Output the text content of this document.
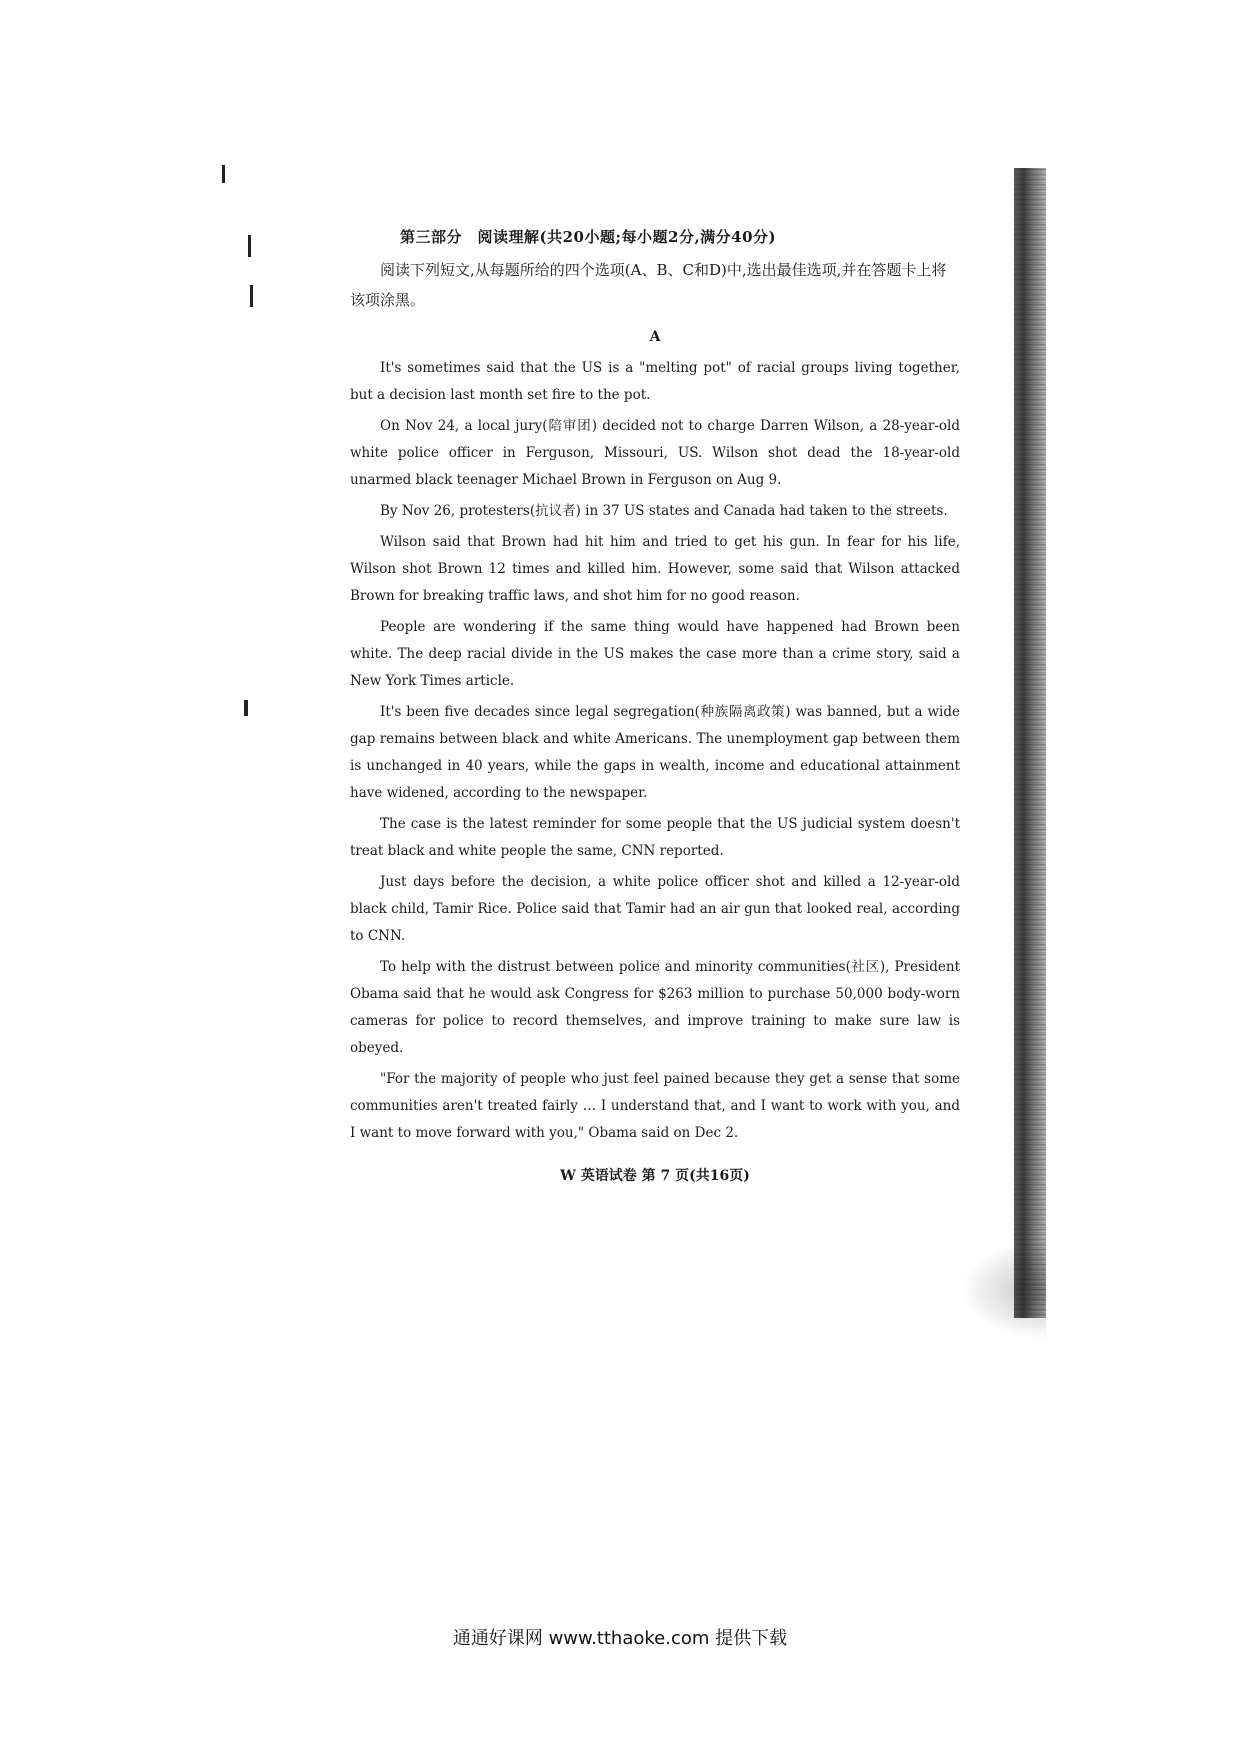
第三部分　阅读理解(共20小题;每小题2分,满分40分)

阅读下列短文,从每题所给的四个选项(A、B、C和D)中,选出最佳选项,并在答题卡上将该项涂黑。

A

It's sometimes said that the US is a "melting pot" of racial groups living together, but a decision last month set fire to the pot.

On Nov 24, a local jury(陪审团) decided not to charge Darren Wilson, a 28-year-old white police officer in Ferguson, Missouri, US. Wilson shot dead the 18-year-old unarmed black teenager Michael Brown in Ferguson on Aug 9.

By Nov 26, protesters(抗议者) in 37 US states and Canada had taken to the streets.

Wilson said that Brown had hit him and tried to get his gun. In fear for his life, Wilson shot Brown 12 times and killed him. However, some said that Wilson attacked Brown for breaking traffic laws, and shot him for no good reason.

People are wondering if the same thing would have happened had Brown been white. The deep racial divide in the US makes the case more than a crime story, said a New York Times article.

It's been five decades since legal segregation(种族隔离政策) was banned, but a wide gap remains between black and white Americans. The unemployment gap between them is unchanged in 40 years, while the gaps in wealth, income and educational attainment have widened, according to the newspaper.

The case is the latest reminder for some people that the US judicial system doesn't treat black and white people the same, CNN reported.

Just days before the decision, a white police officer shot and killed a 12-year-old black child, Tamir Rice. Police said that Tamir had an air gun that looked real, according to CNN.

To help with the distrust between police and minority communities(社区), President Obama said that he would ask Congress for $263 million to purchase 50,000 body-worn cameras for police to record themselves, and improve training to make sure law is obeyed.

"For the majority of people who just feel pained because they get a sense that some communities aren't treated fairly … I understand that, and I want to work with you, and I want to move forward with you," Obama said on Dec 2.

W 英语试卷 第 7 页(共16页)
通通好课网 www.tthaoke.com 提供下载
